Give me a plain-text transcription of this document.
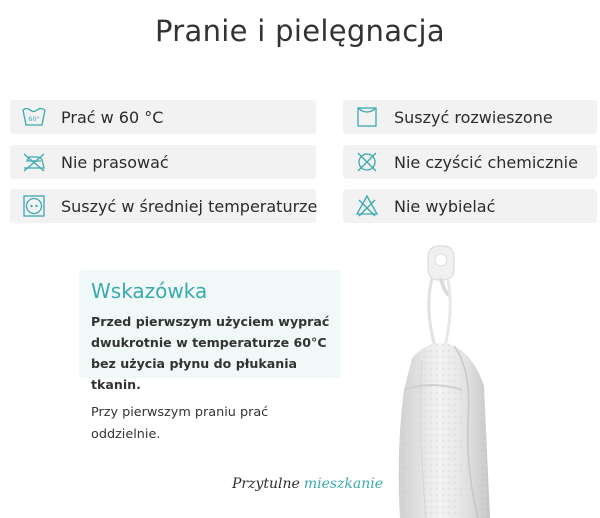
Pranie i pielęgnacja
60° Prać w 60 °C	Suszyć rozwieszone
Nie prasować	Nie czyścić chemicznie
Suszyć w średniej temperaturze	Nie wybielać
Wskazówka
Przed pierwszym użyciem wyprać dwukrotnie w temperaturze 60°C bez użycia płynu do płukania tkanin.
Przy pierwszym praniu prać oddzielnie.
Przytulne mieszkanie
